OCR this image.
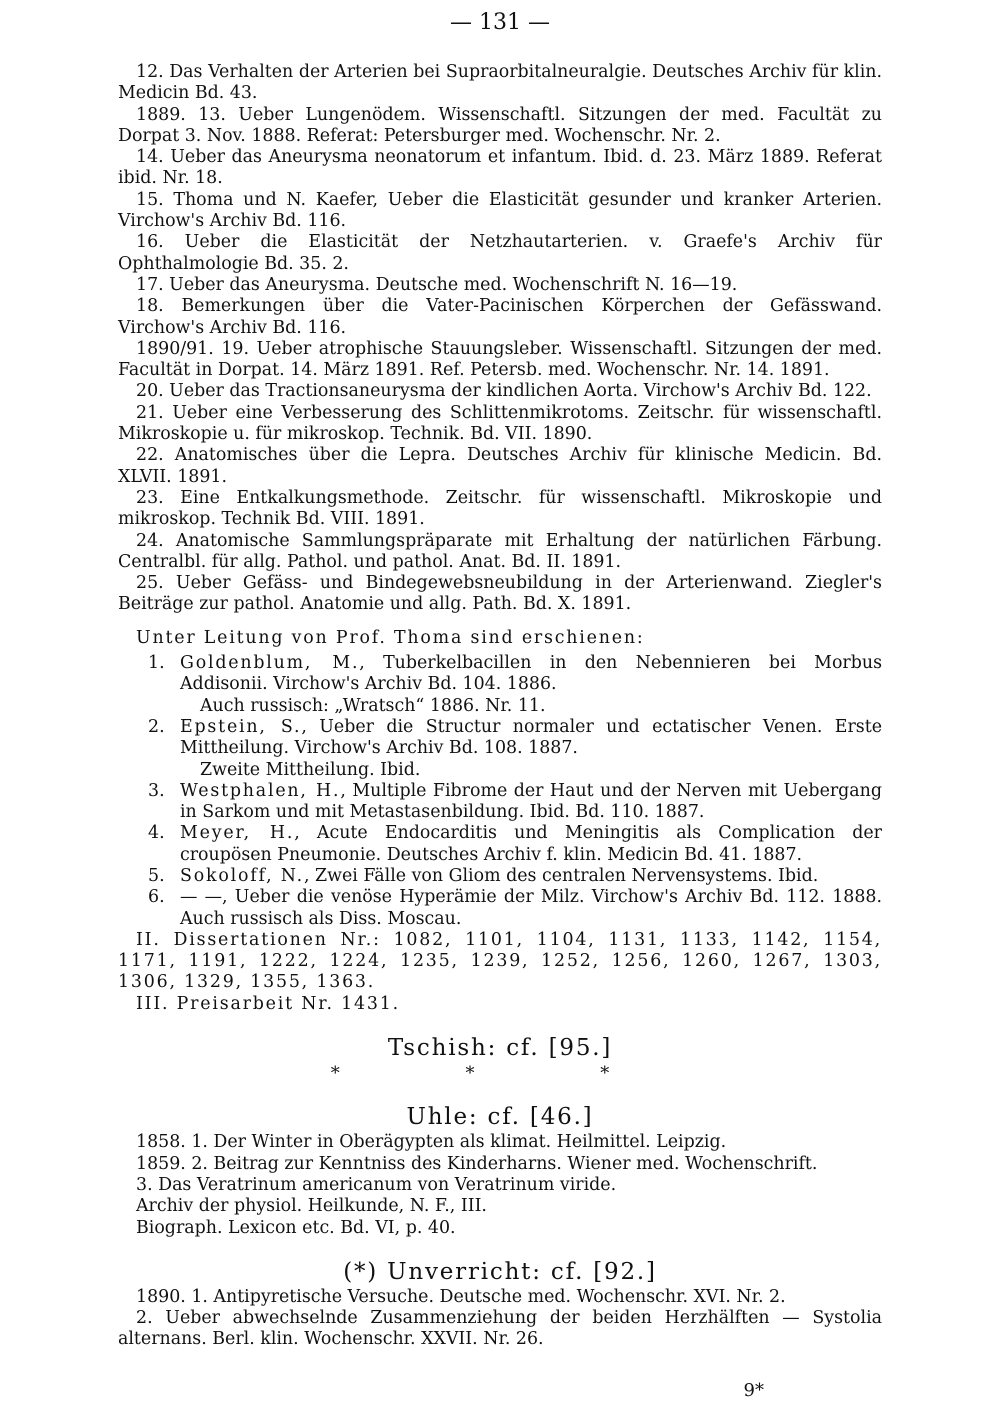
— 131 —

12. Das Verhalten der Arterien bei Supraorbitalneuralgie. Deutsches Archiv für klin. Medicin Bd. 43.

1889. 13. Ueber Lungenödem. Wissenschaftl. Sitzungen der med. Facultät zu Dorpat 3. Nov. 1888. Referat: Petersburger med. Wochenschr. Nr. 2.

14. Ueber das Aneurysma neonatorum et infantum. Ibid. d. 23. März 1889. Referat ibid. Nr. 18.

15. Thoma und N. Kaefer, Ueber die Elasticität gesunder und kranker Arterien. Virchow's Archiv Bd. 116.

16. Ueber die Elasticität der Netzhautarterien. v. Graefe's Archiv für Ophthalmologie Bd. 35. 2.

17. Ueber das Aneurysma. Deutsche med. Wochenschrift N. 16—19.

18. Bemerkungen über die Vater-Pacinischen Körperchen der Gefässwand. Virchow's Archiv Bd. 116.

1890/91. 19. Ueber atrophische Stauungsleber. Wissenschaftl. Sitzungen der med. Facultät in Dorpat. 14. März 1891. Ref. Petersb. med. Wochenschr. Nr. 14. 1891.

20. Ueber das Tractionsaneurysma der kindlichen Aorta. Virchow's Archiv Bd. 122.

21. Ueber eine Verbesserung des Schlittenmikrotoms. Zeitschr. für wissenschaftl. Mikroskopie u. für mikroskop. Technik. Bd. VII. 1890.

22. Anatomisches über die Lepra. Deutsches Archiv für klinische Medicin. Bd. XLVII. 1891.

23. Eine Entkalkungsmethode. Zeitschr. für wissenschaftl. Mikroskopie und mikroskop. Technik Bd. VIII. 1891.

24. Anatomische Sammlungspräparate mit Erhaltung der natürlichen Färbung. Centralbl. für allg. Pathol. und pathol. Anat. Bd. II. 1891.

25. Ueber Gefäss- und Bindegewebsneubildung in der Arterienwand. Ziegler's Beiträge zur pathol. Anatomie und allg. Path. Bd. X. 1891.

Unter Leitung von Prof. Thoma sind erschienen:

1. Goldenblum, M., Tuberkelbacillen in den Nebennieren bei Morbus Addisonii. Virchow's Archiv Bd. 104. 1886.
Auch russisch: „Wratsch“ 1886. Nr. 11.
2. Epstein, S., Ueber die Structur normaler und ectatischer Venen. Erste Mittheilung. Virchow's Archiv Bd. 108. 1887.
Zweite Mittheilung. Ibid.
3. Westphalen, H., Multiple Fibrome der Haut und der Nerven mit Uebergang in Sarkom und mit Metastasenbildung. Ibid. Bd. 110. 1887.
4. Meyer, H., Acute Endocarditis und Meningitis als Complication der croupösen Pneumonie. Deutsches Archiv f. klin. Medicin Bd. 41. 1887.
5. Sokoloff, N., Zwei Fälle von Gliom des centralen Nervensystems. Ibid.
6. — —, Ueber die venöse Hyperämie der Milz. Virchow's Archiv Bd. 112. 1888. Auch russisch als Diss. Moscau.

II. Dissertationen Nr.: 1082, 1101, 1104, 1131, 1133, 1142, 1154, 1171, 1191, 1222, 1224, 1235, 1239, 1252, 1256, 1260, 1267, 1303, 1306, 1329, 1355, 1363.

III. Preisarbeit Nr. 1431.

Tschish: cf. [95.]
* * *
Uhle: cf. [46.]

1858. 1. Der Winter in Oberägypten als klimat. Heilmittel. Leipzig.

1859. 2. Beitrag zur Kenntniss des Kinderharns. Wiener med. Wochenschrift.

3. Das Veratrinum americanum von Veratrinum viride.

Archiv der physiol. Heilkunde, N. F., III.

Biograph. Lexicon etc. Bd. VI, p. 40.

(*) Unverricht: cf. [92.]

1890. 1. Antipyretische Versuche. Deutsche med. Wochenschr. XVI. Nr. 2.

2. Ueber abwechselnde Zusammenziehung der beiden Herzhälften — Systolia alternans. Berl. klin. Wochenschr. XXVII. Nr. 26.

9*
